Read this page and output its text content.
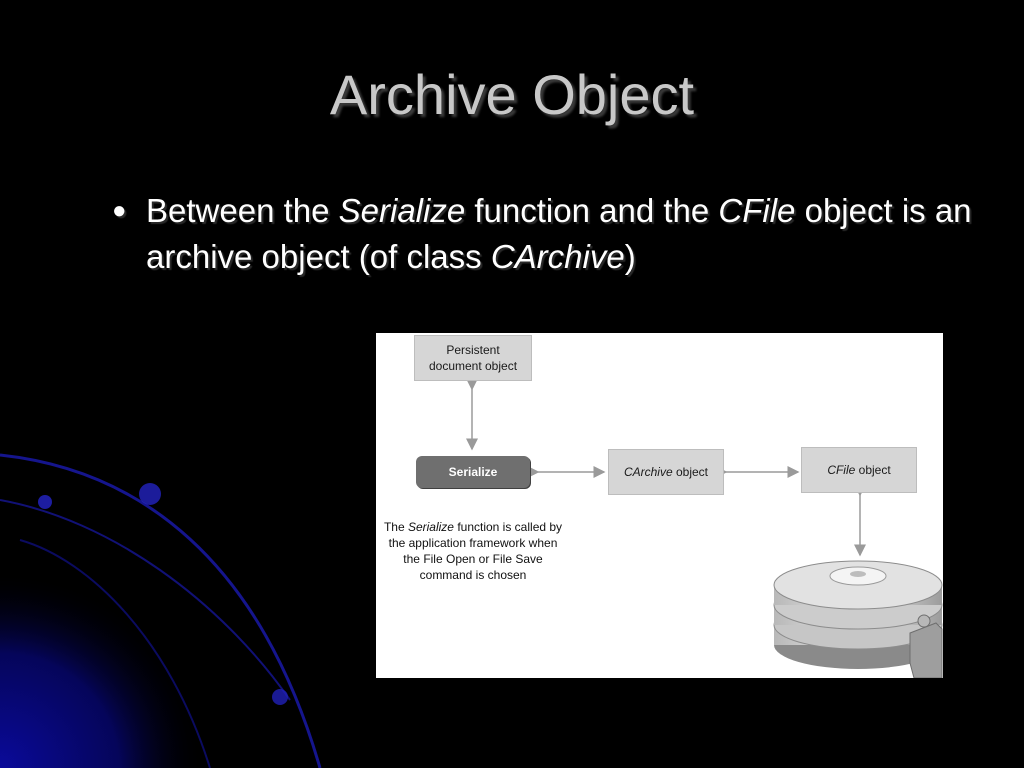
Archive Object
● Between the Serialize function and the CFile object is an archive object (of class CArchive)
Persistent
document object
Serialize	CArchive object	CFile object
The Serialize function is called by
the application framework when
the File Open or File Save
command is chosen
